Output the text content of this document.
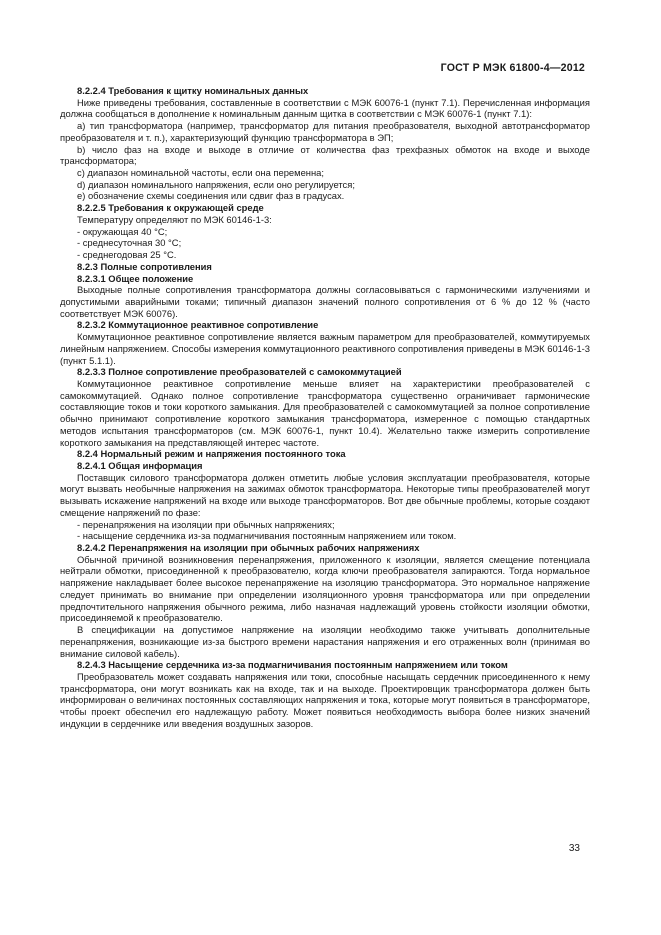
ГОСТ Р МЭК 61800-4—2012
8.2.2.4 Требования к щитку номинальных данных
Ниже приведены требования, составленные в соответствии с МЭК 60076-1 (пункт 7.1). Перечисленная информация должна сообщаться в дополнение к номинальным данным щитка в соответствии с МЭК 60076-1 (пункт 7.1):
а) тип трансформатора (например, трансформатор для питания преобразователя, выходной автотрансформатор преобразователя и т. п.), характеризующий функцию трансформатора в ЭП;
b) число фаз на входе и выходе в отличие от количества фаз трехфазных обмоток на входе и выходе трансформатора;
с) диапазон номинальной частоты, если она переменна;
d) диапазон номинального напряжения, если оно регулируется;
е) обозначение схемы соединения или сдвиг фаз в градусах.
8.2.2.5 Требования к окружающей среде
Температуру определяют по МЭК 60146-1-3:
- окружающая 40 °С;
- среднесуточная 30 °С;
- среднегодовая 25 °С.
8.2.3 Полные сопротивления
8.2.3.1 Общее положение
Выходные полные сопротивления трансформатора должны согласовываться с гармоническими излучениями и допустимыми аварийными токами; типичный диапазон значений полного сопротивления от 6 % до 12 % (часто соответствует МЭК 60076).
8.2.3.2 Коммутационное реактивное сопротивление
Коммутационное реактивное сопротивление является важным параметром для преобразователей, коммутируемых линейным напряжением. Способы измерения коммутационного реактивного сопротивления приведены в МЭК 60146-1-3 (пункт 5.1.1).
8.2.3.3 Полное сопротивление преобразователей с самокоммутацией
Коммутационное реактивное сопротивление меньше влияет на характеристики преобразователей с самокоммутацией. Однако полное сопротивление трансформатора существенно ограничивает гармонические составляющие токов и токи короткого замыкания. Для преобразователей с самокоммутацией за полное сопротивление обычно принимают сопротивление короткого замыкания трансформатора, измеренное с помощью стандартных методов испытания трансформаторов (см. МЭК 60076-1, пункт 10.4). Желательно также измерить сопротивление короткого замыкания на представляющей интерес частоте.
8.2.4 Нормальный режим и напряжения постоянного тока
8.2.4.1 Общая информация
Поставщик силового трансформатора должен отметить любые условия эксплуатации преобразователя, которые могут вызвать необычные напряжения на зажимах обмоток трансформатора. Некоторые типы преобразователей могут вызывать искажение напряжений на входе или выходе трансформаторов. Вот две обычные проблемы, которые создают смещение напряжений по фазе:
- перенапряжения на изоляции при обычных напряжениях;
- насыщение сердечника из-за подмагничивания постоянным напряжением или током.
8.2.4.2 Перенапряжения на изоляции при обычных рабочих напряжениях
Обычной причиной возникновения перенапряжения, приложенного к изоляции, является смещение потенциала нейтрали обмотки, присоединенной к преобразователю, когда ключи преобразователя запираются. Тогда нормальное напряжение накладывает более высокое перенапряжение на изоляцию трансформатора. Это нормальное напряжение следует принимать во внимание при определении изоляционного уровня трансформатора или при определении предпочтительного напряжения обычного режима, либо назначая надлежащий уровень стойкости изоляции обмотки, присоединяемой к преобразователю.
В спецификации на допустимое напряжение на изоляции необходимо также учитывать дополнительные перенапряжения, возникающие из-за быстрого времени нарастания напряжения и его отраженных волн (принимая во внимание силовой кабель).
8.2.4.3 Насыщение сердечника из-за подмагничивания постоянным напряжением или током
Преобразователь может создавать напряжения или токи, способные насыщать сердечник присоединенного к нему трансформатора, они могут возникать как на входе, так и на выходе. Проектировщик трансформатора должен быть информирован о величинах постоянных составляющих напряжения и тока, которые могут появиться в трансформаторе, чтобы проект обеспечил его надлежащую работу. Может появиться необходимость выбора более низких значений индукции в сердечнике или введения воздушных зазоров.
33
